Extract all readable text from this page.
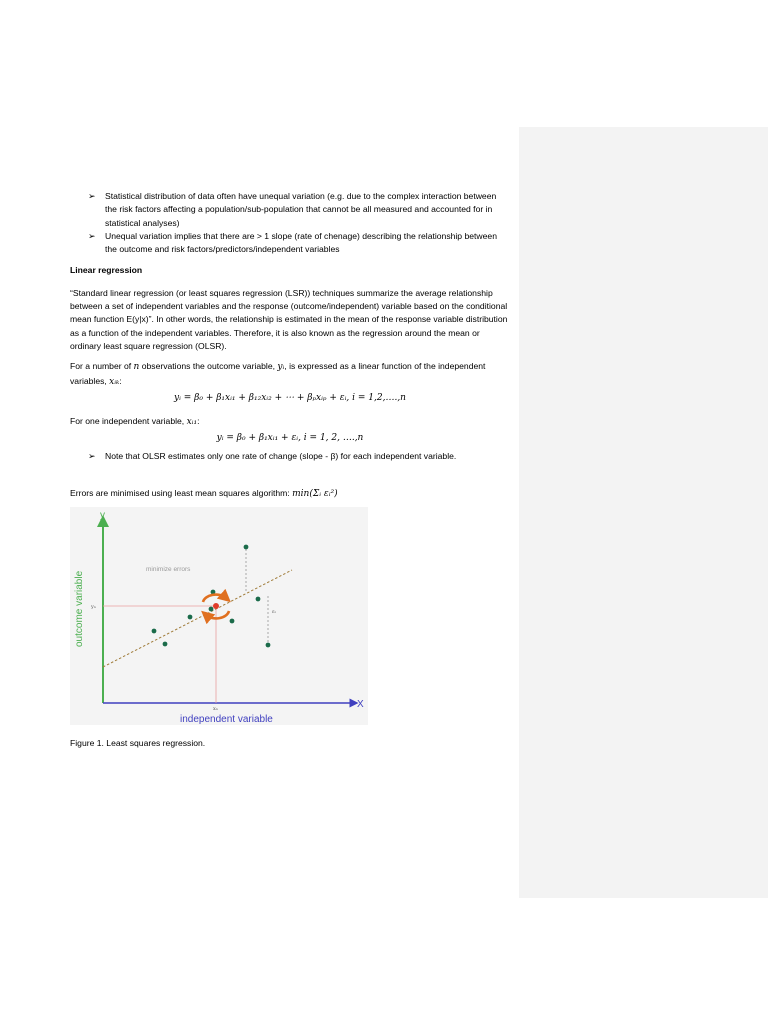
➢	Statistical distribution of data often have unequal variation (e.g. due to the complex interaction between the risk factors affecting a population/sub-population that cannot be all measured and accounted for in statistical analyses)
➢	Unequal variation implies that there are > 1 slope (rate of chenage) describing the relationship between the outcome and risk factors/predictors/independent variables

Linear regression

“Standard linear regression (or least squares regression (LSR)) techniques summarize the average relationship between a set of independent variables and the response (outcome/independent) variable based on the conditional mean function E(y|x)”. In other words, the relationship is estimated in the mean of the response variable distribution as a function of the independent variables. Therefore, it is also known as the regression around the mean or ordinary least square regression (OLSR).

For a number of n observations the outcome variable, yᵢ, is expressed as a linear function of the independent variables, xᵢₖ:

yᵢ = β₀ + β₁xᵢ₁ + β₁₂xᵢ₂ + ⋯ + βₚxᵢₚ + εᵢ, i = 1,2,….,n

For one independent variable, xᵢ₁:

yᵢ = β₀ + β₁xᵢ₁ + εᵢ, i = 1, 2, ….,n

➢	Note that OLSR estimates only one rate of change (slope - β) for each independent variable.

Errors are minimised using least mean squares algorithm: min(Σᵢ εᵢ²)

y
X
outcome variable
independent variable
minimize errors
yₙ
xₙ
εᵢ

Figure 1. Least squares regression.
